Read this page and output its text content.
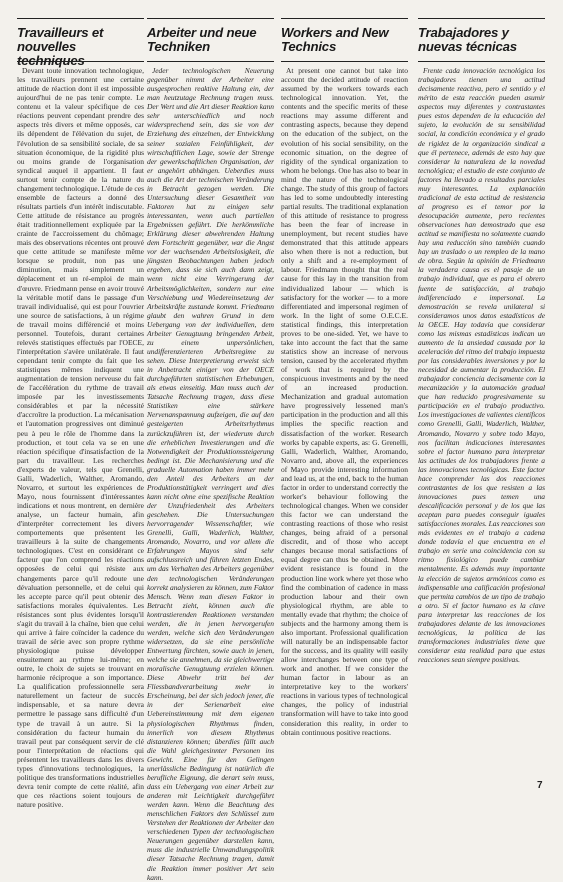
Travailleurs et nouvelles techniques

Devant toute innovation technologique, les travailleurs prennent une certaine attitude de réaction dont il est impossible aujourd'hui de ne pas tenir compte. Le contenu et la valeur spécifique de ces réactions peuvent cependant prendre des aspects très divers et même opposés, car ils dépendent de l'élévation du sujet, de l'évolution de sa sensibilité sociale, de sa situation économique, de la rigidité plus ou moins grande de l'organisation syndical auquel il appartient. Il faut surtout tenir compte de la nature du changement technologique. L'étude de ces ensemble de facteurs a donné des résultats partiels d'un intérêt indiscutable. Cette attitude de résistance au progrès était traditionnellement expliquée par la crainte de l'accroissement du chômage; mais des observations récentes ont prouvé que cette attitude se manifeste même lorsque se produit, non pas une diminution, mais simplement un déplacement et un ré-emploi de main d'œuvre. Friedmann pense en avoir trouvé la véritable motif dans le passage d'un travail individualisé, qui est pour l'ouvrier une source de satisfactions, à un régime de travail moins différencié et moins personnel. Toutefois, durant certaines relevés statistiques effectués par l'OECE, l'interprétation s'avère unilatérale. Il faut cependant tenir compte du fait que les statistiques mêmes indiquent une augmentation de tension nerveuse du fait de l'accélération du rythme de travail imposée par les investissements considérables et par la nécessité d'accroître la production. La mécanisation et l'automation progressives ont diminué peu à peu le rôle de l'homme dans la production, et tout cela va se en une réaction spécifique d'insatisfaction de la part du travailleur. Les recherches d'experts de valeur, tels que Grenelli, Galli, Waderlich, Walther, Aromando, Novarro, et surtout les expériences de Mayo, nous fournissent d'intéressantes indications et nous montrent, en dernière analyse, un facteur humain, afin d'interpréter correctement les divers comportements que présentent les travailleurs à la suite de changements technologiques. C'est en considérant ce facteur que l'on comprend les réactions opposées de celui qui résiste aux changements parce qu'il redoute une dévaluation personnelle, et de celui qui les accepte parce qu'il peut obtenir des satisfactions morales équivalentes. Les résistances sont plus évidentes lorsqu'il s'agit du travail à la chaîne, bien que celui qui arrive à faire coïncider la cadence du travail de série avec son propre rythme physiologique puisse développer ensuitement au rythme lui-même; en outre, le choix de sujets se trouvant en harmonie réciproque a son importance. La qualification professionnelle sera naturellement un facteur de succès indispensable, et sa nature devra permettre le passage sans difficulté d'un type de travail à un autre. Si la considération du facteur humain du travail peut par conséquent servir de clé pour l'interprétation de réactions qui présentent les travailleurs dans les divers types d'innovations technologiques, la politique des transformations industrielles devra tenir compte de cette réalité, afin que ces réactions soient toujours de nature positive.

Arbeiter und neue Techniken

Jeder technologischen Neuerung gegenüber nimmt der Arbeiter eine ausgesprochen reaktive Haltung ein, der man heutzutage Rechnung tragen muss. Der Wert und die Art dieser Reaktion kann sehr unterschiedlich und noch widersprechend sein, das sie von der Erziehung des einzelnen, der Entwicklung seiner sozialen Feinfühligkeit, der wirtschaftlichen Lage, sowie der Strenge der gewerkschaftlichen Organisation, der er angehört abhängen. Ueberdies muss auch die Art der technischen Veränderung in Betracht gezogen werden. Die Untersuchung dieser Gesamtheit von Faktoren hat zu einigen sehr interessanten, wenn auch partiellen Ergebnissen geführt. Die herkömmliche Erklärung dieser abwehrenden Haltung dem Fortschritt gegenüber, war die Angst vor der wachsenden Arbeitslosigkeit, die jüngsten Beobachtungen haben jedoch ergeben, dass sie sich auch dann zeigt, wenn nicht eine Verringerung der Arbeitsmöglichkeiten, sondern nur eine Verschiebung und Wiedereinsetzung der Arbeitskräfte zustande kommt. Friedmann glaubt den wahren Grund in dem Uebergang von der individuellen, dem Arbeiter Genugtuung bringenden Arbeit, zu einem unpersönlichen, undifferenzierteren Arbeitsregime zu sehen. Diese Interpretierung erweist sich in Anbetracht einiger von der OECE durchgeführten statistischen Erhebungen, als etwas einseitig. Man muss auch der Tatsache Rechnung tragen, dass diese Statistiken eine stärkere Nervenanspannung aufzeigen, die auf den gesteigerten Arbeitsrhythmus zurückzuführen ist, der wiederum durch die erheblichen Investierungen und die Notwendigkeit der Produktionssteigerung bedingt ist. Die Mechanisierung und die graduelle Automation haben immer mehr den Anteil des Arbeiters an der Produktionstätigkeit verringert und dies kann nicht ohne eine spezifische Reaktion der Unzufriedenheit des Arbeiters geschehen. Die Untersuchungen hervorragender Wissenschaftler, wie Grenelli, Galli, Waderlich, Walther, Aromando, Novarro, und vor allem die Erfahrungen Mayos sind sehr aufschlussreich und führen letzten Endes, um das Verhalten des Arbeiters gegenüber den technologischen Veränderungen korrekt analysieren zu können, zum Faktor Mensch. Wenn man diesen Faktor in Betracht zieht, können auch die kontrastierenden Reaktionen verstanden werden, die in jenen hervorgerufen werden, welche sich den Veränderungen widersetzen, da sie eine persönliche Entwertung fürchten, sowie auch in jenen, welche sie annehmen, da sie gleichwertige moralische Genugtuung erzielen können. Diese Abwehr tritt bei der Fliessbandverarbeitung mehr in Erscheinung, bei der sich jedoch jener, die in der Serienarbeit eine Uebereinstimmung mit dem eigenen physiologischen Rhythmus finden, innerlich von diesem Rhythmus distanzieren können; überdies fällt auch die Wahl gleichgesinnter Personen ins Gewicht. Eine für den Gelingen unerlässliche Bedingung ist natürlich die berufliche Eignung, die derart sein muss, dass ein Uebergang von einer Arbeit zur anderen mit Leichtigkeit durchgeführt werden kann. Wenn die Beachtung des menschlichen Faktors den Schlüssel zum Verstehen der Reaktionen der Arbeiter den verschiedenen Typen der technologischen Neuerungen gegenüber darstellen kann, muss die industrielle Umwandlungspolitik dieser Tatsache Rechnung tragen, damit die Reaktion immer positiver Art sein kann.

Workers and New Technics

At present one cannot but take into account the decided attitude of reaction assumed by the workers towards each technological innovation. Yet, the contents and the specific merits of these reactions may assume different and contrasting aspects, because they depend on the education of the subject, on the evolution of his social sensibility, on the economic situation, on the degree of rigidity of the syndical organization to whom he belongs. One has also to bear in mind the nature of the technological change. The study of this group of factors has led to some undoubtedly interesting partial results. The traditional explanation of this attitude of resistance to progress has been the fear of increase in unemployment, but recent studies have demonstrated that this attitude appears also when there is not a reduction, but only a shift and a re-employment of labour. Friedmann thought that the real cause for this lay in the transition from individualized labour — which is satisfactory for the worker — to a more differentiated and impersonal regimen of work. In the light of some O.E.C.E. statistical findings, this interpretation proves to be one-sided. Yet, we have to take into account the fact that the same statistics show an increase of nervous tension, caused by the accelerated rhythm of work that is required by the conspicuous investments and by the need of an increased production. Mechanization and gradual automation have progressively lessened man's participation in the production and all this implies the specific reaction and dissatisfaction of the worker. Research works by capable experts, as: G. Grenelli, Galli, Waderlich, Walther, Aromando, Novarro and, above all, the experiences of Mayo provide interesting information and lead us, at the end, back to the human factor in order to understand correctly the worker's behaviour following the technological changes. When we consider this factor we can understand the contrasting reactions of those who resist changes, being afraid of a personal discredit, and of those who accept changes because moral satisfactions of equal degree can thus be obtained. More evident resistance is found in the production line work where yet those who find the combination of cadence in mass production labour and their own physiological rhythm, are able to mentally evade that rhythm; the choice of subjects and the harmony among them is also important. Professional qualification will naturally be an indispensable factor for the success, and its quality will easily allow interchanges between one type of work and another. If we consider the human factor in labour as an interpretative key to the workers' reactions in various types of technological changes, the policy of industrial transformation will have to take into good consideration this reality, in order to obtain continuous positive reactions.

Trabajadores y nuevas técnicas

Frente cada innovación tecnológica los trabajadores tienen una actitud decisamente reactiva, pero el sentido y el mérito de esta reacción pueden asumir aspectos muy diferentes y contrastantes pues estos dependen de la educación del sujeto, la evolución de su sensibilidad social, la condición económica y el grado de rigidez de la organización sindical a que él pertenece, además de esto hay que considerar la naturaleza de la novedad tecnológica; el estudio de este conjunto de factores ha llevado a resultados parciales muy interesantes. La explanación tradicional de esta actitud de resistencia al progreso es el temor por la desocupación aumente, pero recientes observaciones han demostrado que esa actitud se manifiesta no solamente cuando hay una reducción sino también cuando hay un traslado o un rempleo de la mano de obra. Según la opinión de Friedmann la verdadera causa es el pasaje de un trabajo individual, que es para el obrero fuente de satisfacción, al trabajo indiferenciado e impersonal. La demostración se revela unilateral si consideramos unos datos estadísticos de la OECE. Hay todavía que considerar como las mismas estadísticas indican un aumento de la ansiedad causada por la aceleración del ritmo del trabajo impuesta por las considerables inversiones y por la necesidad de aumentar la producción. El trabajador conciencia decisamente con la mecanización y la automación gradual que han reducido progresivamente su participación en el trabajo productivo. Los investigaciones de valientes científicos como Grenelli, Galli, Waderlich, Walther, Aromando, Novarro y sobre todo Mayo, nos facilitan indicaciones interesantes sobre el factor humano para interpretar las actitudes de los trabajadores frente a las innovaciones tecnológicas. Este factor hace comprender las dos reacciones contrastantes de los que resisten a las innovaciones pues temen una descalificación personal y de los que las aceptan para puedes conseguir iguales satisfacciones morales. Las reacciones son más evidentes en el trabajo a cadena donde todavía el que encuentra en el trabajo en serie una coincidencia con su ritmo fisiológico puede cambiar mentalmente. Es además muy importante la elección de sujetos armónicos como es indispensable una calificación profesional que permita cambios de un tipo de trabajo a otro. Si el factor humano es la clave para interpretar las reacciones de los trabajadores delante de las innovaciones tecnológicas, la política de las transformaciones industriales tiene que considerar esta realidad para que estas reacciones sean siempre positivas.

7
